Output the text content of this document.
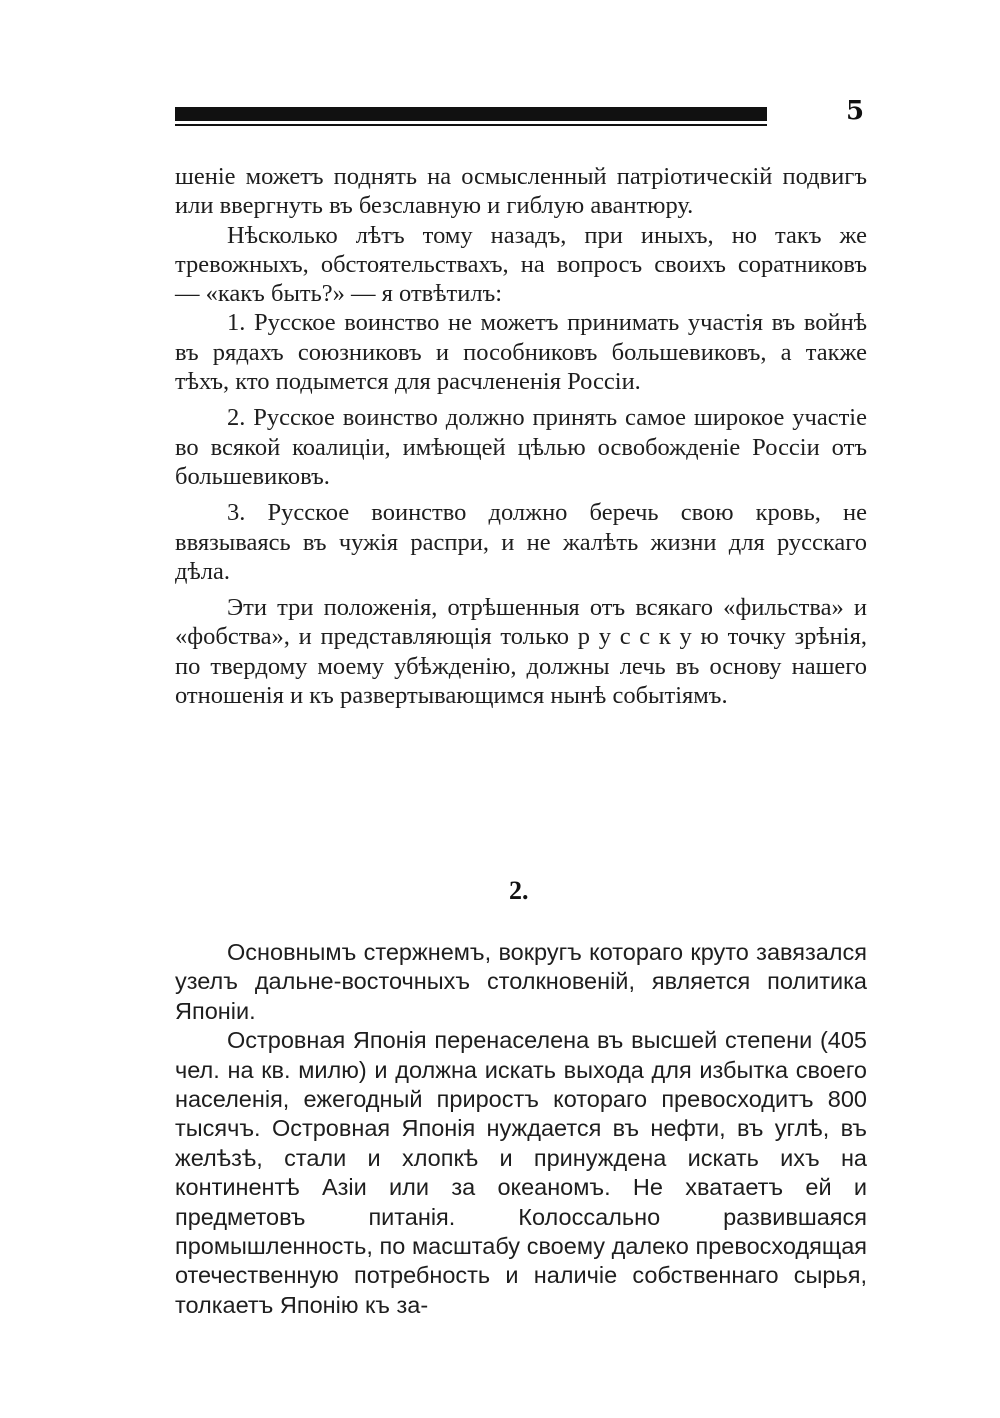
5

шеніе можетъ поднять на осмысленный патріотическій подвигъ или ввергнуть въ безславную и гиблую авантюру.

Нѣсколько лѣтъ тому назадъ, при иныхъ, но такъ же тревожныхъ, обстоятельствахъ, на вопросъ своихъ соратниковъ — «какъ быть?» — я отвѣтилъ:

1. Русское воинство не можетъ принимать участія въ войнѣ въ рядахъ союзниковъ и пособниковъ большевиковъ, а также тѣхъ, кто подымется для расчлененія Россіи.

2. Русское воинство должно принять самое широкое участіе во всякой коалиціи, имѣющей цѣлью освобожденіе Россіи отъ большевиковъ.

3. Русское воинство должно беречь свою кровь, не ввязываясь въ чужія распри, и не жалѣть жизни для русскаго дѣла.

Эти три положенія, отрѣшенныя отъ всякаго «фильства» и «фобства», и представляющія только р у с с к у ю точку зрѣнія, по твердому моему убѣжденію, должны лечь въ основу нашего отношенія и къ развертывающимся нынѣ событіямъ.

2.

Основнымъ стержнемъ, вокругъ котораго круто завязался узелъ дальне-восточныхъ столкновеній, является политика Японіи.

Островная Японія перенаселена въ высшей степени (405 чел. на кв. милю) и должна искать выхода для избытка своего населенія, ежегодный приростъ котораго превосходитъ 800 тысячъ. Островная Японія нуждается въ нефти, въ углѣ, въ желѣзѣ, стали и хлопкѣ и принуждена искать ихъ на континентѣ Азіи или за океаномъ. Не хватаетъ ей и предметовъ питанія. Колоссально развившаяся промышленность, по масштабу своему далеко превосходящая отечественную потребность и наличіе собственнаго сырья, толкаетъ Японію къ за-
